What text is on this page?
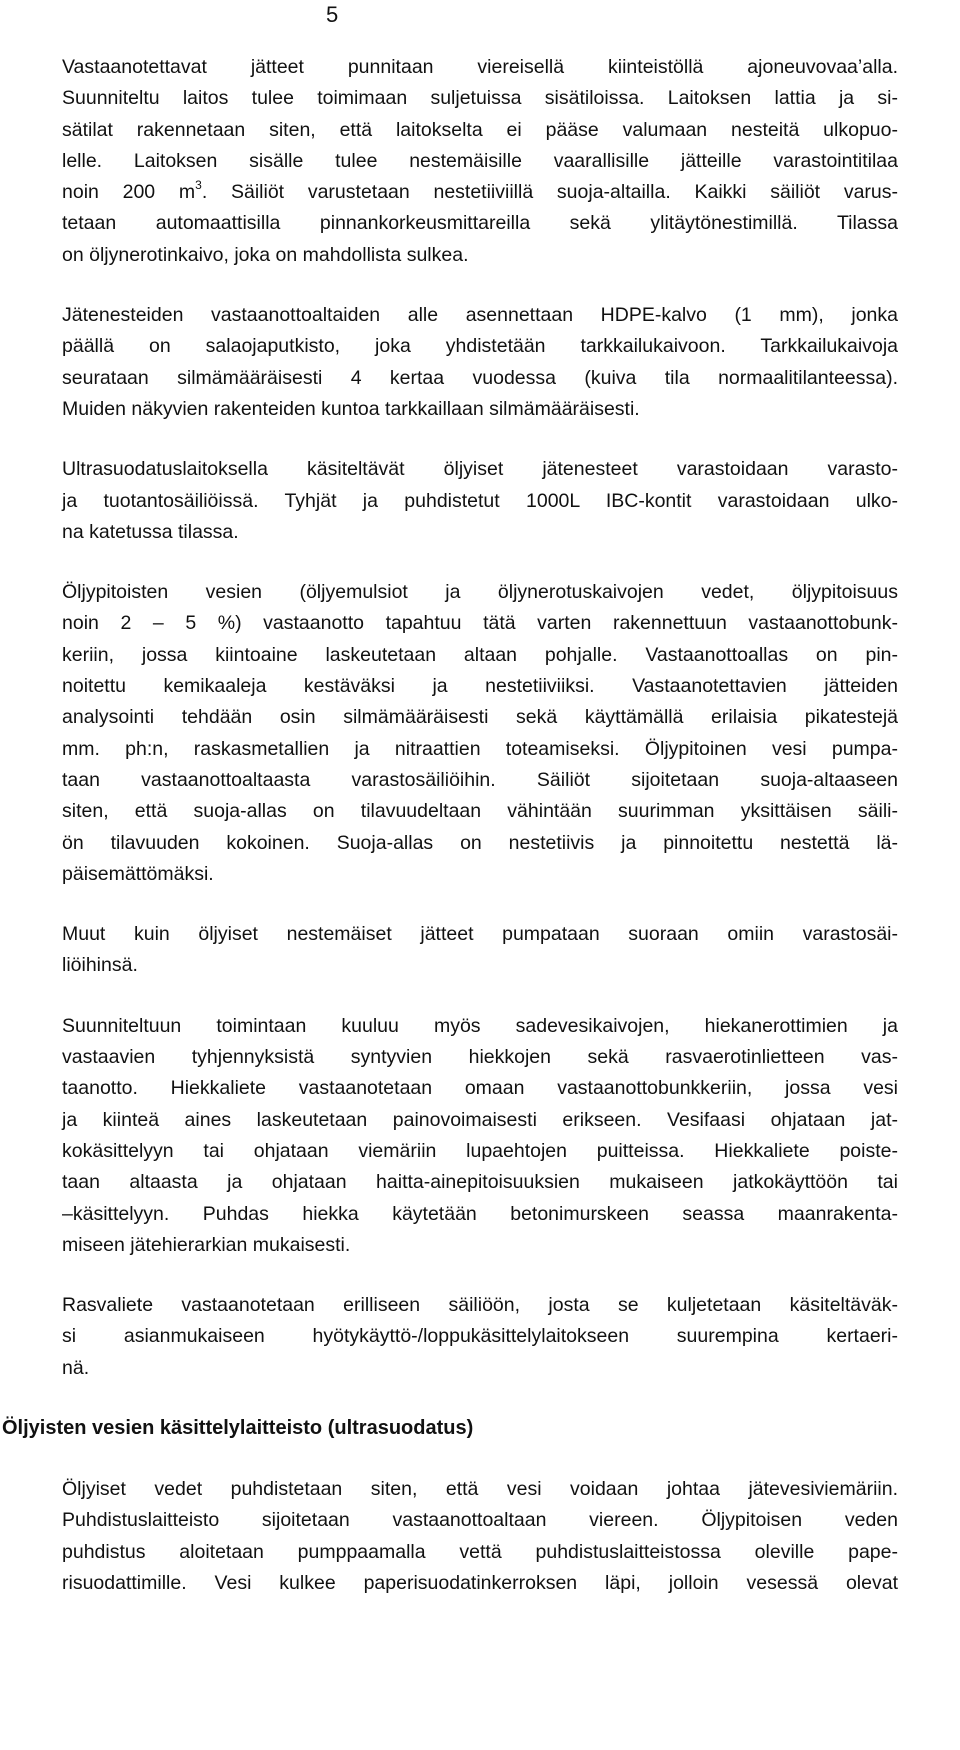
5

Vastaanotettavat jätteet punnitaan viereisellä kiinteistöllä ajoneuvovaa’alla.
Suunniteltu laitos tulee toimimaan suljetuissa sisätiloissa. Laitoksen lattia ja si-
sätilat rakennetaan siten, että laitokselta ei pääse valumaan nesteitä ulkopuo-
lelle. Laitoksen sisälle tulee nestemäisille vaarallisille jätteille varastointitilaa
noin 200 $m^3$. Säiliöt varustetaan nestetiiviillä suoja-altailla. Kaikki säiliöt varus-
tetaan automaattisilla pinnankorkeusmittareilla sekä ylitäytönestimillä. Tilassa
on öljynerotinkaivo, joka on mahdollista sulkea.

Jätenesteiden vastaanottoaltaiden alle asennettaan HDPE-kalvo (1 mm), jonka
päällä on salaojaputkisto, joka yhdistetään tarkkailukaivoon. Tarkkailukaivoja
seurataan silmämääräisesti 4 kertaa vuodessa (kuiva tila normaalitilanteessa).
Muiden näkyvien rakenteiden kuntoa tarkkaillaan silmämääräisesti.

Ultrasuodatuslaitoksella käsiteltävät öljyiset jätenesteet varastoidaan varasto-
ja tuotantosäiliöissä. Tyhjät ja puhdistetut 1000L IBC-kontit varastoidaan ulko-
na katetussa tilassa.

Öljypitoisten vesien (öljyemulsiot ja öljynerotuskaivojen vedet, öljypitoisuus
noin 2 – 5 %) vastaanotto tapahtuu tätä varten rakennettuun vastaanottobunk-
keriin, jossa kiintoaine laskeutetaan altaan pohjalle. Vastaanottoallas on pin-
noitettu kemikaaleja kestäväksi ja nestetiiviiksi. Vastaanotettavien jätteiden
analysointi tehdään osin silmämääräisesti sekä käyttämällä erilaisia pikatestejä
mm. ph:n, raskasmetallien ja nitraattien toteamiseksi. Öljypitoinen vesi pumpa-
taan vastaanottoaltaasta varastosäiliöihin. Säiliöt sijoitetaan suoja-altaaseen
siten, että suoja-allas on tilavuudeltaan vähintään suurimman yksittäisen säili-
ön tilavuuden kokoinen. Suoja-allas on nestetiivis ja pinnoitettu nestettä lä-
päisemättömäksi.

Muut kuin öljyiset nestemäiset jätteet pumpataan suoraan omiin varastosäi-
liöihinsä.

Suunniteltuun toimintaan kuuluu myös sadevesikaivojen, hiekanerottimien ja
vastaavien tyhjennyksistä syntyvien hiekkojen sekä rasvaerotinlietteen vas-
taanotto. Hiekkaliete vastaanotetaan omaan vastaanottobunkkeriin, jossa vesi
ja kiinteä aines laskeutetaan painovoimaisesti erikseen. Vesifaasi ohjataan jat-
kokäsittelyyn tai ohjataan viemäriin lupaehtojen puitteissa. Hiekkaliete poiste-
taan altaasta ja ohjataan haitta-ainepitoisuuksien mukaiseen jatkokäyttöön tai
–käsittelyyn. Puhdas hiekka käytetään betonimurskeen seassa maanrakenta-
miseen jätehierarkian mukaisesti.

Rasvaliete vastaanotetaan erilliseen säiliöön, josta se kuljetetaan käsiteltäväk-
si asianmukaiseen hyötykäyttö-/loppukäsittelylaitokseen suurempina kertaeri-
nä.

Öljyisten vesien käsittelylaitteisto (ultrasuodatus)

Öljyiset vedet puhdistetaan siten, että vesi voidaan johtaa jätevesiviemäriin.
Puhdistuslaitteisto sijoitetaan vastaanottoaltaan viereen. Öljypitoisen veden
puhdistus aloitetaan pumppaamalla vettä puhdistuslaitteistossa oleville pape-
risuodattimille. Vesi kulkee paperisuodatinkerroksen läpi, jolloin vesessä olevat
